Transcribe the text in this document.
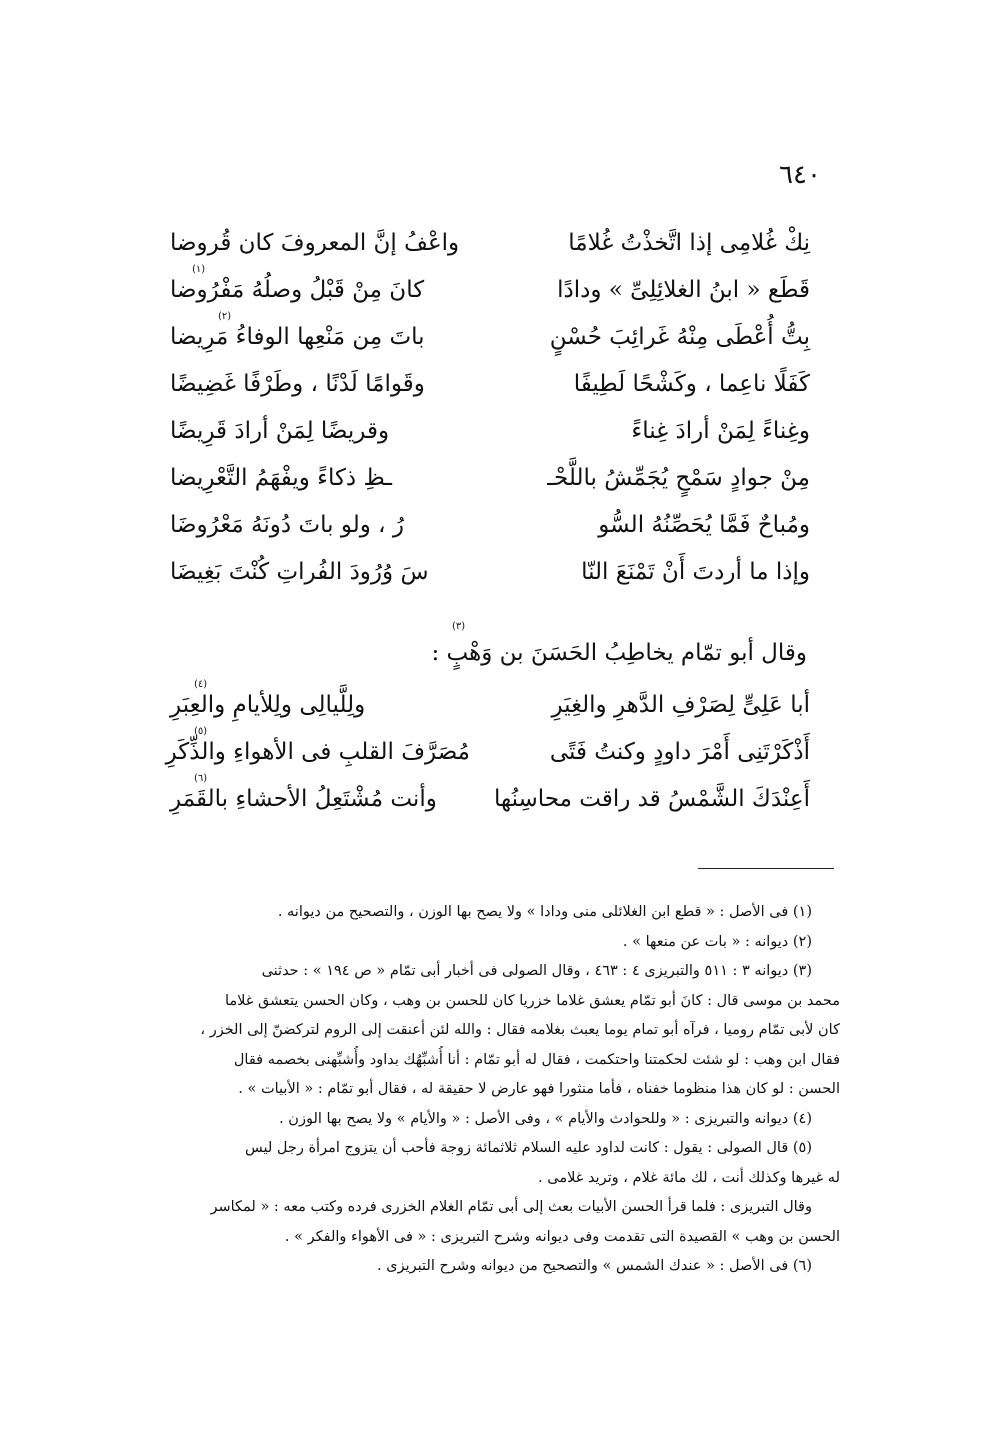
٦٤٠
نِكْ غُلامِى إذا اتَّخذْتُ غُلامًا
واعْفُ إنَّ المعروفَ كان قُروضا
قَطَع « ابنُ الغلائِلِىِّ » ودادًا
كانَ مِنْ قَبْلُ وصلُهُ مَفْرُوضا
(١)
بِتُّ أُعْطَى مِنْهُ غَرائِبَ حُسْنٍ
باتَ مِن مَنْعِها الوفاءُ مَرِيضا
(٢)
كَفَلًا ناعِما ، وكَشْحًا لَطِيفًا
وقَوامًا لَدْنًا ، وطَرْفًا غَضِيضًا
وغِناءً لِمَنْ أرادَ غِناءً
وقريضًا لِمَنْ أرادَ قَرِيضًا
مِنْ جوادٍ سَمْحٍ يُجَمِّشُ باللَّحْـ
ـظِ ذكاءً ويفْهَمُ التَّعْرِيضا
ومُباحٌ فَمَّا يُحَصِّنُهُ السُّو
رُ ، ولو باتَ دُونَهُ مَعْرُوضَا
وإذا ما أردتَ أَنْ تَمْنَعَ النّا
سَ وُرُودَ الفُراتِ كُنْتَ بَغِيضَا
(٣)
وقال أبو تمّام يخاطِبُ الحَسَنَ بن وَهْبٍ :
أبا عَلِىٍّ لِصَرْفِ الدَّهرِ والغِيَرِ
ولِلَّيالِى ولِلأيامِ والعِبَرِ
(٤)
أَذْكَرْتَنِى أَمْرَ داودٍ وكنتُ فَتًى
مُصَرَّفَ القلبِ فى الأهواءِ والذِّكَرِ
(٥)
أَعِنْدَكَ الشَّمْسُ قد راقت محاسِنُها
وأنت مُشْتَعِلُ الأحشاءِ بالقَمَرِ
(٦)
(١) فى الأصل : « قطع ابن الغلائلى منى ودادا » ولا يصح بها الوزن ، والتصحيح من ديوانه .
(٢) ديوانه : « بات عن منعها » .
(٣) ديوانه ٣ : ٥١١ والتبريزى ٤ : ٤٦٣ ، وقال الصولى فى أخبار أبى تمّام « ص ١٩٤ » : حدثنى
محمد بن موسى قال : كانَ أبو تمّام يعشق غلاما خزريا كان للحسن بن وهب ، وكان الحسن يتعشق غلاما
كان لأبى تمّام روميا ، فرآه أبو تمام يوما يعبث بغلامه فقال : والله لئن أعنقت إلى الروم لتركضنّ إلى الخزر ،
فقال ابن وهب : لو شئت لحكمتنا واحتكمت ، فقال له أبو تمّام : أنا أُشبِّهُك بداود وأُشبِّهنى بخصمه فقال
الحسن : لو كان هذا منظوما خفناه ، فأما منثورا فهو عارض لا حقيقة له ، فقال أبو تمّام : « الأبيات » .
(٤) ديوانه والتبريزى : « وللحوادث والأيام » ، وفى الأصل : « والأيام » ولا يصح بها الوزن .
(٥) قال الصولى : يقول : كانت لداود عليه السلام ثلاثمائة زوجة فأحب أن يتزوج امرأة رجل ليس
له غيرها وكذلك أنت ، لك مائة غلام ، وتريد غلامى .
وقال التبريزى : فلما قرأ الحسن الأبيات بعث إلى أبى تمّام الغلام الخزرى فرده وكتب معه : « لمكاسر
الحسن بن وهب » القصيدة التى تقدمت وفى ديوانه وشرح التبريزى : « فى الأهواء والفكر » .
(٦) فى الأصل : « عندك الشمس » والتصحيح من ديوانه وشرح التبريزى .
